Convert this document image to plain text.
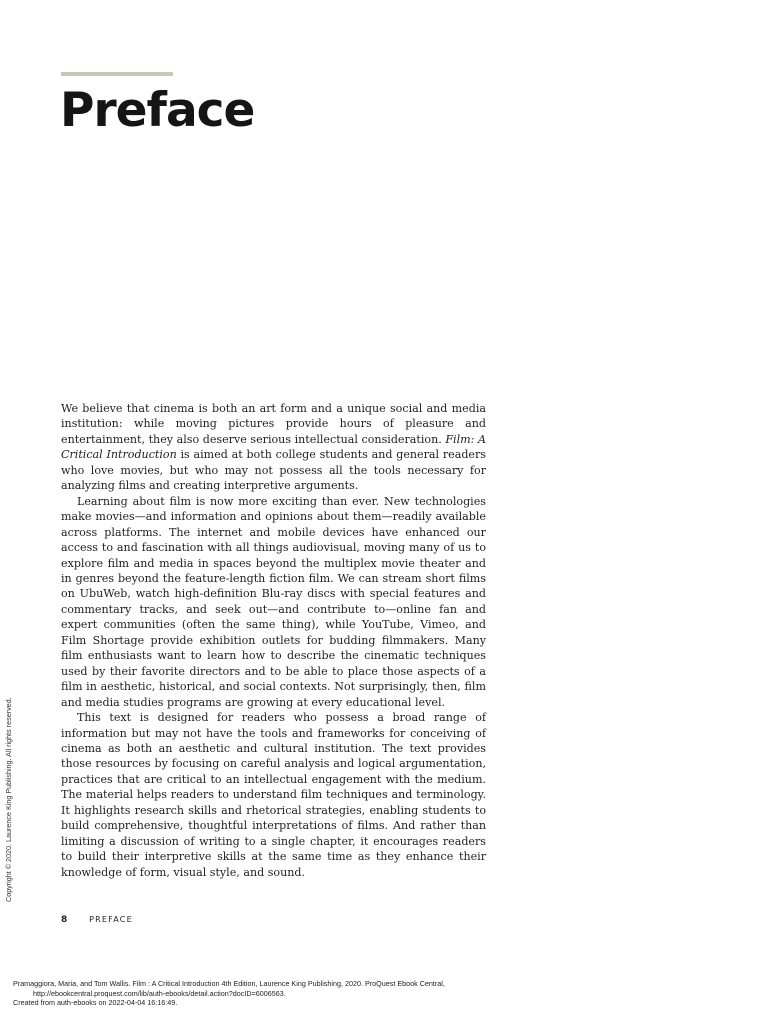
Preface

We believe that cinema is both an art form and a unique social and media institution: while moving pictures provide hours of pleasure and entertainment, they also deserve serious intellectual consideration. Film: A Critical Introduction is aimed at both college students and general readers who love movies, but who may not possess all the tools necessary for analyzing films and creating interpretive arguments.

Learning about film is now more exciting than ever. New technologies make movies—and information and opinions about them—readily available across platforms. The internet and mobile devices have enhanced our access to and fascination with all things audiovisual, moving many of us to explore film and media in spaces beyond the multiplex movie theater and in genres beyond the feature-length fiction film. We can stream short films on UbuWeb, watch high-definition Blu-ray discs with special features and commentary tracks, and seek out—and contribute to—online fan and expert communities (often the same thing), while YouTube, Vimeo, and Film Shortage provide exhibition outlets for budding filmmakers. Many film enthusiasts want to learn how to describe the cinematic techniques used by their favorite directors and to be able to place those aspects of a film in aesthetic, historical, and social contexts. Not surprisingly, then, film and media studies programs are growing at every educational level.

This text is designed for readers who possess a broad range of information but may not have the tools and frameworks for conceiving of cinema as both an aesthetic and cultural institution. The text provides those resources by focusing on careful analysis and logical argumentation, practices that are critical to an intellectual engagement with the medium. The material helps readers to understand film techniques and terminology. It highlights research skills and rhetorical strategies, enabling students to build comprehensive, thoughtful interpretations of films. And rather than limiting a discussion of writing to a single chapter, it encourages readers to build their interpretive skills at the same time as they enhance their knowledge of form, visual style, and sound.

Copyright © 2020. Laurence King Publishing. All rights reserved.
8	PREFACE
Pramaggiora, Maria, and Tom Wallis. Film : A Critical Introduction 4th Edition, Laurence King Publishing, 2020. ProQuest Ebook Central,
http://ebookcentral.proquest.com/lib/auth-ebooks/detail.action?docID=6006563.
Created from auth-ebooks on 2022-04-04 16:16:49.
